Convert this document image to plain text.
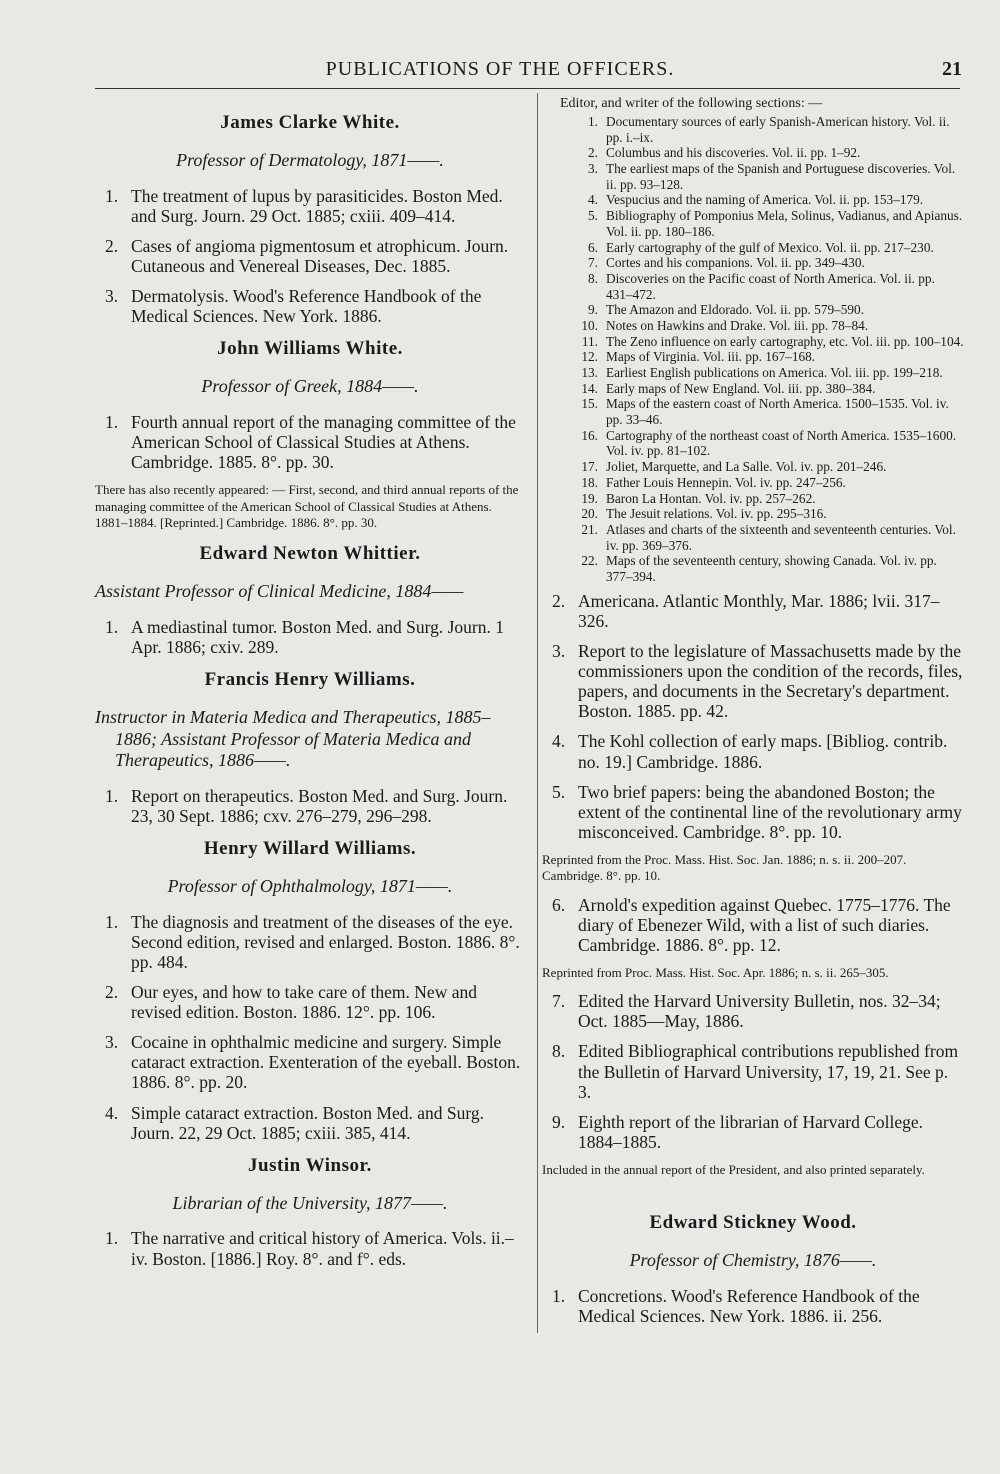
PUBLICATIONS OF THE OFFICERS.	21
James Clarke White.
Professor of Dermatology, 1871——.
1. The treatment of lupus by parasiticides. Boston Med. and Surg. Journ. 29 Oct. 1885; cxiii. 409–414.
2. Cases of angioma pigmentosum et atrophicum. Journ. Cutaneous and Venereal Diseases, Dec. 1885.
3. Dermatolysis. Wood's Reference Handbook of the Medical Sciences. New York. 1886.
John Williams White.
Professor of Greek, 1884——.
1. Fourth annual report of the managing committee of the American School of Classical Studies at Athens. Cambridge. 1885. 8°. pp. 30.
There has also recently appeared: — First, second, and third annual reports of the managing committee of the American School of Classical Studies at Athens. 1881–1884. [Reprinted.] Cambridge. 1886. 8°. pp. 30.
Edward Newton Whittier.
Assistant Professor of Clinical Medicine, 1884——
1. A mediastinal tumor. Boston Med. and Surg. Journ. 1 Apr. 1886; cxiv. 289.
Francis Henry Williams.
Instructor in Materia Medica and Therapeutics, 1885–1886; Assistant Professor of Materia Medica and Therapeutics, 1886——.
1. Report on therapeutics. Boston Med. and Surg. Journ. 23, 30 Sept. 1886; cxv. 276–279, 296–298.
Henry Willard Williams.
Professor of Ophthalmology, 1871——.
1. The diagnosis and treatment of the diseases of the eye. Second edition, revised and enlarged. Boston. 1886. 8°. pp. 484.
2. Our eyes, and how to take care of them. New and revised edition. Boston. 1886. 12°. pp. 106.
3. Cocaine in ophthalmic medicine and surgery. Simple cataract extraction. Exenteration of the eyeball. Boston. 1886. 8°. pp. 20.
4. Simple cataract extraction. Boston Med. and Surg. Journ. 22, 29 Oct. 1885; cxiii. 385, 414.
Justin Winsor.
Librarian of the University, 1877——.
1. The narrative and critical history of America. Vols. ii.–iv. Boston. [1886.] Roy. 8°. and f°. eds.
Editor, and writer of the following sections: —
1. Documentary sources of early Spanish-American history. Vol. ii. pp. i.–ix.
2. Columbus and his discoveries. Vol. ii. pp. 1–92.
3. The earliest maps of the Spanish and Portuguese discoveries. Vol. ii. pp. 93–128.
4. Vespucius and the naming of America. Vol. ii. pp. 153–179.
5. Bibliography of Pomponius Mela, Solinus, Vadianus, and Apianus. Vol. ii. pp. 180–186.
6. Early cartography of the gulf of Mexico. Vol. ii. pp. 217–230.
7. Cortes and his companions. Vol. ii. pp. 349–430.
8. Discoveries on the Pacific coast of North America. Vol. ii. pp. 431–472.
9. The Amazon and Eldorado. Vol. ii. pp. 579–590.
10. Notes on Hawkins and Drake. Vol. iii. pp. 78–84.
11. The Zeno influence on early cartography, etc. Vol. iii. pp. 100–104.
12. Maps of Virginia. Vol. iii. pp. 167–168.
13. Earliest English publications on America. Vol. iii. pp. 199–218.
14. Early maps of New England. Vol. iii. pp. 380–384.
15. Maps of the eastern coast of North America. 1500–1535. Vol. iv. pp. 33–46.
16. Cartography of the northeast coast of North America. 1535–1600. Vol. iv. pp. 81–102.
17. Joliet, Marquette, and La Salle. Vol. iv. pp. 201–246.
18. Father Louis Hennepin. Vol. iv. pp. 247–256.
19. Baron La Hontan. Vol. iv. pp. 257–262.
20. The Jesuit relations. Vol. iv. pp. 295–316.
21. Atlases and charts of the sixteenth and seventeenth centuries. Vol. iv. pp. 369–376.
22. Maps of the seventeenth century, showing Canada. Vol. iv. pp. 377–394.
2. Americana. Atlantic Monthly, Mar. 1886; lvii. 317–326.
3. Report to the legislature of Massachusetts made by the commissioners upon the condition of the records, files, papers, and documents in the Secretary's department. Boston. 1885. pp. 42.
4. The Kohl collection of early maps. [Bibliog. contrib. no. 19.] Cambridge. 1886.
5. Two brief papers: being the abandoned Boston; the extent of the continental line of the revolutionary army misconceived. Cambridge. 8°. pp. 10.
Reprinted from the Proc. Mass. Hist. Soc. Jan. 1886; n. s. ii. 200–207. Cambridge. 8°. pp. 10.
6. Arnold's expedition against Quebec. 1775–1776. The diary of Ebenezer Wild, with a list of such diaries. Cambridge. 1886. 8°. pp. 12.
Reprinted from Proc. Mass. Hist. Soc. Apr. 1886; n. s. ii. 265–305.
7. Edited the Harvard University Bulletin, nos. 32–34; Oct. 1885—May, 1886.
8. Edited Bibliographical contributions republished from the Bulletin of Harvard University, 17, 19, 21. See p. 3.
9. Eighth report of the librarian of Harvard College. 1884–1885.
Included in the annual report of the President, and also printed separately.
Edward Stickney Wood.
Professor of Chemistry, 1876——.
1. Concretions. Wood's Reference Handbook of the Medical Sciences. New York. 1886. ii. 256.
